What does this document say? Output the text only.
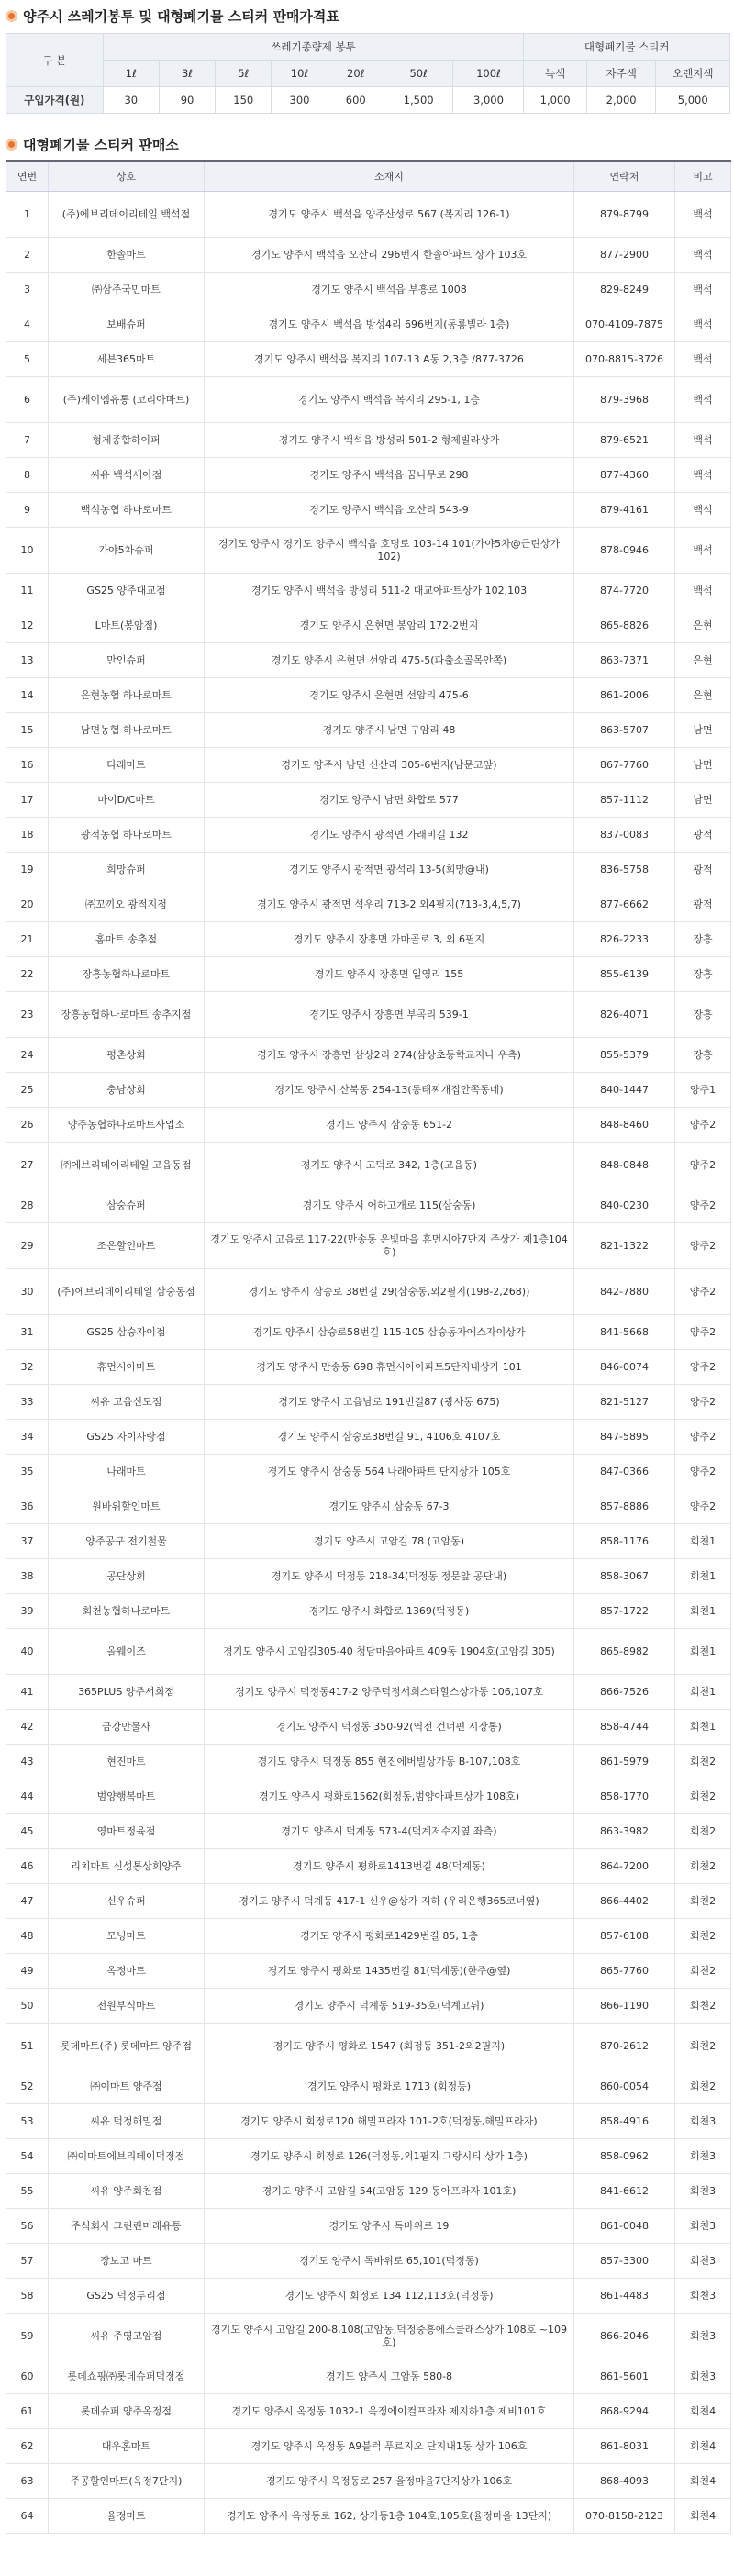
양주시 쓰레기봉투 및 대형폐기물 스티커 판매가격표
구 분	쓰레기종량제 봉투							대형폐기물 스티커		
	1ℓ	3ℓ	5ℓ	10ℓ	20ℓ	50ℓ	100ℓ	녹색	자주색	오렌지색
구입가격(원)	30	90	150	300	600	1,500	3,000	1,000	2,000	5,000
대형폐기물 스티커 판매소
연번	상호	소재지	연락처	비고
1	(주)에브리데이리테일 백석점	경기도 양주시 백석읍 양주산성로 567 (복지리 126-1)	879-8799	백석
2	한솔마트	경기도 양주시 백석읍 오산리 296번지 한솔아파트 상가 103호	877-2900	백석
3	㈜삼주국민마트	경기도 양주시 백석읍 부흥로 1008	829-8249	백석
4	보배슈퍼	경기도 양주시 백석읍 방성4리 696번지(동룡빌라 1층)	070-4109-7875	백석
5	세븐365마트	경기도 양주시 백석읍 복지리 107-13 A동 2,3층 /877-3726	070-8815-3726	백석
6	(주)케이엠유통 (코리아마트)	경기도 양주시 백석읍 복지리 295-1, 1층	879-3968	백석
7	형제종합하이퍼	경기도 양주시 백석읍 방성리 501-2 형제빌라상가	879-6521	백석
8	씨유 백석세아점	경기도 양주시 백석읍 꿈나무로 298	877-4360	백석
9	백석농협 하나로마트	경기도 양주시 백석읍 오산리 543-9	879-4161	백석
10	가야5차슈퍼	경기도 양주시 경기도 양주시 백석읍 호명로 103-14 101(가야5차@근린상가 102)	878-0946	백석
11	GS25 양주대교점	경기도 양주시 백석읍 방성리 511-2 대교아파트상가 102,103	874-7720	백석
12	L마트(봉암점)	경기도 양주시 은현면 봉암리 172-2번지	865-8826	은현
13	만인슈퍼	경기도 양주시 은현면 선암리 475-5(파출소골목안쪽)	863-7371	은현
14	은현농협 하나로마트	경기도 양주시 은현면 선암리 475-6	861-2006	은현
15	남면농협 하나로마트	경기도 양주시 남면 구암리 48	863-5707	남면
16	다래마트	경기도 양주시 남면 신산리 305-6번지(남문고앞)	867-7760	남면
17	마이D/C마트	경기도 양주시 남면 화합로 577	857-1112	남면
18	광적농협 하나로마트	경기도 양주시 광적면 가래비길 132	837-0083	광적
19	희망슈퍼	경기도 양주시 광적면 광석리 13-5(희망@내)	836-5758	광적
20	㈜꼬끼오 광적지점	경기도 양주시 광적면 석우리 713-2 외4필지(713-3,4,5,7)	877-6662	광적
21	홈마트 송추점	경기도 양주시 장흥면 가마골로 3, 외 6필지	826-2233	장흥
22	장흥농협하나로마트	경기도 양주시 장흥면 일영리 155	855-6139	장흥
23	장흥농협하나로마트 송추지점	경기도 양주시 장흥면 부곡리 539-1	826-4071	장흥
24	평촌상회	경기도 양주시 장흥면 삼상2리 274(삼상초등학교지나 우측)	855-5379	장흥
25	충남상회	경기도 양주시 산북동 254-13(동태찌개집안쪽동네)	840-1447	양주1
26	양주농협하나로마트사업소	경기도 양주시 삼숭동 651-2	848-8460	양주2
27	㈜에브리데이리테일 고읍동점	경기도 양주시 고덕로 342, 1층(고읍동)	848-0848	양주2
28	삼숭슈퍼	경기도 양주시 어하고개로 115(삼숭동)	840-0230	양주2
29	조은할인마트	경기도 양주시 고읍로 117-22(만송동 은빛마을 휴먼시아7단지 주상가 제1층104호)	821-1322	양주2
30	(주)에브리데이리테일 삼숭동점	경기도 양주시 삼숭로 38번길 29(삼숭동,외2필지(198-2,268))	842-7880	양주2
31	GS25 삼숭자이점	경기도 양주시 삼숭로58번길 115-105 삼숭동자에스자이상가	841-5668	양주2
32	휴먼시아마트	경기도 양주시 만송동 698 휴먼시아아파트5단지내상가 101	846-0074	양주2
33	씨유 고읍신도점	경기도 양주시 고읍남로 191번길87 (광사동 675)	821-5127	양주2
34	GS25 자이사랑점	경기도 양주시 삼숭로38번길 91, 4106호 4107호	847-5895	양주2
35	나래마트	경기도 양주시 삼숭동 564 나래아파트 단지상가 105호	847-0366	양주2
36	원바위할인마트	경기도 양주시 삼숭동 67-3	857-8886	양주2
37	양주공구 전기철물	경기도 양주시 고암길 78 (고암동)	858-1176	회천1
38	공단상회	경기도 양주시 덕정동 218-34(덕정동 정문앞 공단내)	858-3067	회천1
39	회천농협하나로마트	경기도 양주시 화합로 1369(덕정동)	857-1722	회천1
40	올웨이즈	경기도 양주시 고암길305-40 청담마을아파트 409동 1904호(고암길 305)	865-8982	회천1
41	365PLUS 양주서희점	경기도 양주시 덕정동417-2 양주덕정서희스타힐스상가동 106,107호	866-7526	회천1
42	금강만물사	경기도 양주시 덕정동 350-92(역전 건너편 시장통)	858-4744	회천1
43	현진마트	경기도 양주시 덕정동 855 현진에버빌상가동 B-107,108호	861-5979	회천2
44	범양행복마트	경기도 양주시 평화로1562(회정동,범양아파트상가 108호)	858-1770	회천2
45	영마트정육점	경기도 양주시 덕계동 573-4(덕계저수지옆 좌측)	863-3982	회천2
46	리치마트 신성통상회양주	경기도 양주시 평화로1413번길 48(덕계동)	864-7200	회천2
47	신우슈퍼	경기도 양주시 덕계동 417-1 신우@상가 지하 (우리은행365코너옆)	866-4402	회천2
48	모닝마트	경기도 양주시 평화로1429번길 85, 1층	857-6108	회천2
49	옥정마트	경기도 양주시 평화로 1435번길 81(덕계동)(한주@옆)	865-7760	회천2
50	전원부식마트	경기도 양주시 덕계동 519-35호(덕계고뒤)	866-1190	회천2
51	롯데마트(주) 롯데마트 양주점	경기도 양주시 평화로 1547 (회정동 351-2외2필지)	870-2612	회천2
52	㈜이마트 양주점	경기도 양주시 평화로 1713 (회정동)	860-0054	회천2
53	씨유 덕정해밀점	경기도 양주시 회정로120 해밀프라자 101-2호(덕정동,해밀프라자)	858-4916	회천3
54	㈜이마트에브리데이덕정점	경기도 양주시 회정로 126(덕정동,외1필지 그랑시티 상가 1층)	858-0962	회천3
55	씨유 양주회천점	경기도 양주시 고암길 54(고암동 129 동아프라자 101호)	841-6612	회천3
56	주식회사 그린린미래유통	경기도 양주시 독바위로 19	861-0048	회천3
57	장보고 마트	경기도 양주시 독바위로 65,101(덕정동)	857-3300	회천3
58	GS25 덕정두리점	경기도 양주시 회정로 134 112,113호(덕정동)	861-4483	회천3
59	씨유 주영고암점	경기도 양주시 고암길 200-8,108(고암동,덕정중흥에스클래스상가 108호 ~109호)	866-2046	회천3
60	롯데쇼핑㈜롯데슈퍼덕정점	경기도 양주시 고암동 580-8	861-5601	회천3
61	롯데슈퍼 양주옥정점	경기도 양주시 옥정동 1032-1 옥정에이컬프라자 제지하1층 제비101호	868-9294	회천4
62	대우홈마트	경기도 양주시 옥정동 A9블럭 푸르지오 단지내1동 상가 106호	861-8031	회천4
63	주공할인마트(옥정7단지)	경기도 양주시 옥정동로 257 율정마을7단지상가 106호	868-4093	회천4
64	율정마트	경기도 양주시 옥정동로 162, 상가동1층 104호,105호(율정마을 13단지)	070-8158-2123	회천4
